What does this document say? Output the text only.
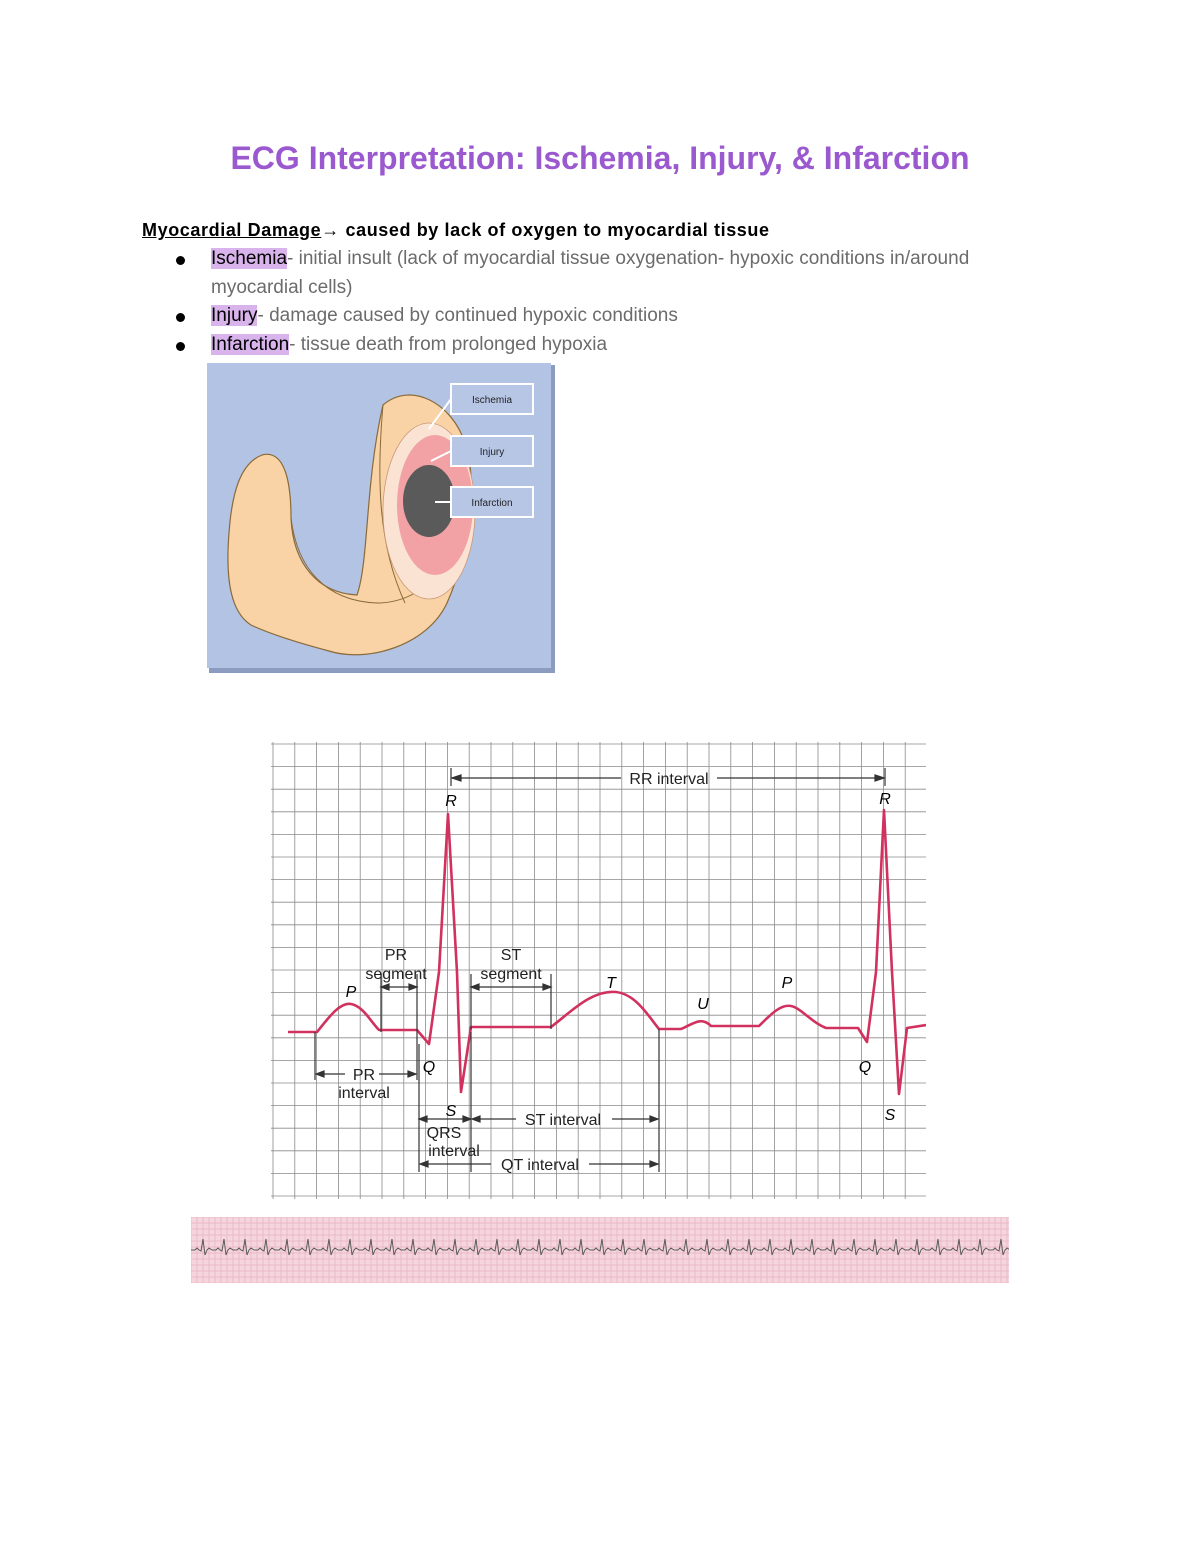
ECG Interpretation: Ischemia, Injury, & Infarction
Myocardial Damage→ caused by lack of oxygen to myocardial tissue
Ischemia- initial insult (lack of myocardial tissue oxygenation- hypoxic conditions in/around myocardial cells)
Injury- damage caused by continued hypoxic conditions
Infarction- tissue death from prolonged hypoxia
Ischemia
Injury
Infarction
P
R
Q
S
T
U
P
R
Q
S
RR interval
PR
segment
ST
segment
PR
interval
QRS
interval
ST interval
QT interval
